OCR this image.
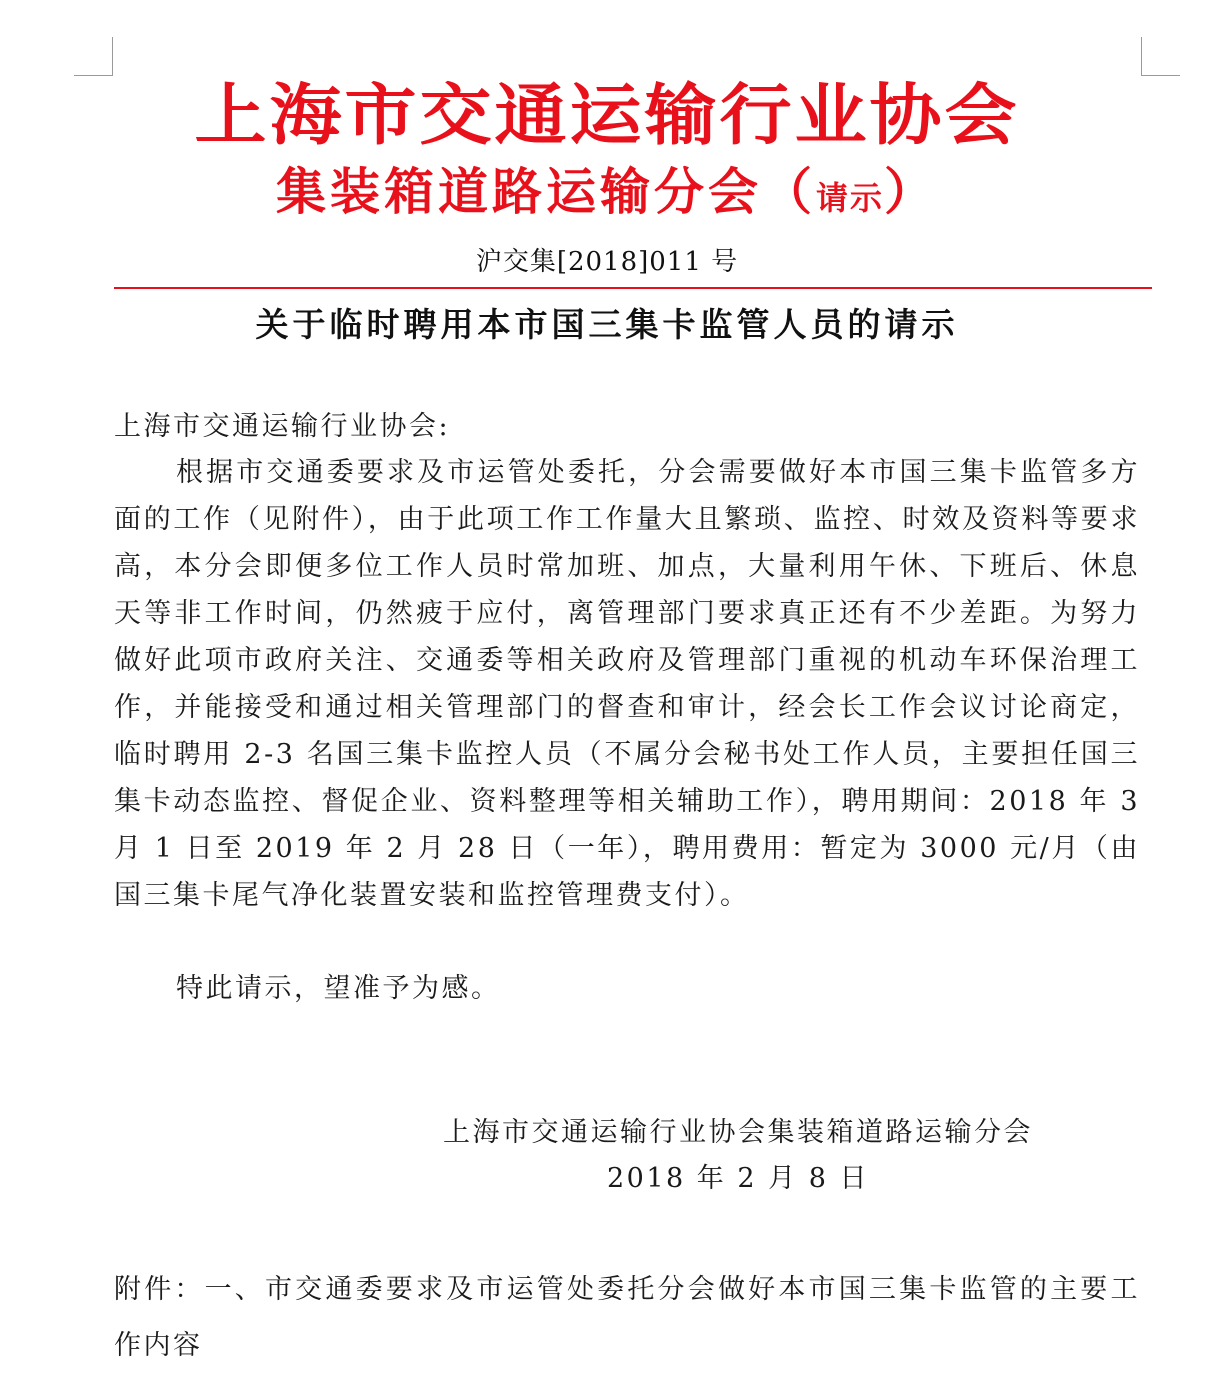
上海市交通运输行业协会
集装箱道路运输分会（请示）
沪交集[2018]011 号
关于临时聘用本市国三集卡监管人员的请示

上海市交通运输行业协会:

根据市交通委要求及市运管处委托，分会需要做好本市国三集卡监管多方面的工作（见附件），由于此项工作工作量大且繁琐、监控、时效及资料等要求高，本分会即便多位工作人员时常加班、加点，大量利用午休、下班后、休息天等非工作时间，仍然疲于应付，离管理部门要求真正还有不少差距。为努力做好此项市政府关注、交通委等相关政府及管理部门重视的机动车环保治理工作，并能接受和通过相关管理部门的督查和审计，经会长工作会议讨论商定，临时聘用 2-3 名国三集卡监控人员（不属分会秘书处工作人员，主要担任国三集卡动态监控、督促企业、资料整理等相关辅助工作），聘用期间：2018 年 3 月 1 日至 2019 年 2 月 28 日（一年），聘用费用：暂定为 3000 元/月（由国三集卡尾气净化装置安装和监控管理费支付）。

特此请示，望准予为感。

上海市交通运输行业协会集装箱道路运输分会
2018 年 2 月 8 日

附件：一、市交通委要求及市运管处委托分会做好本市国三集卡监管的主要工作内容
